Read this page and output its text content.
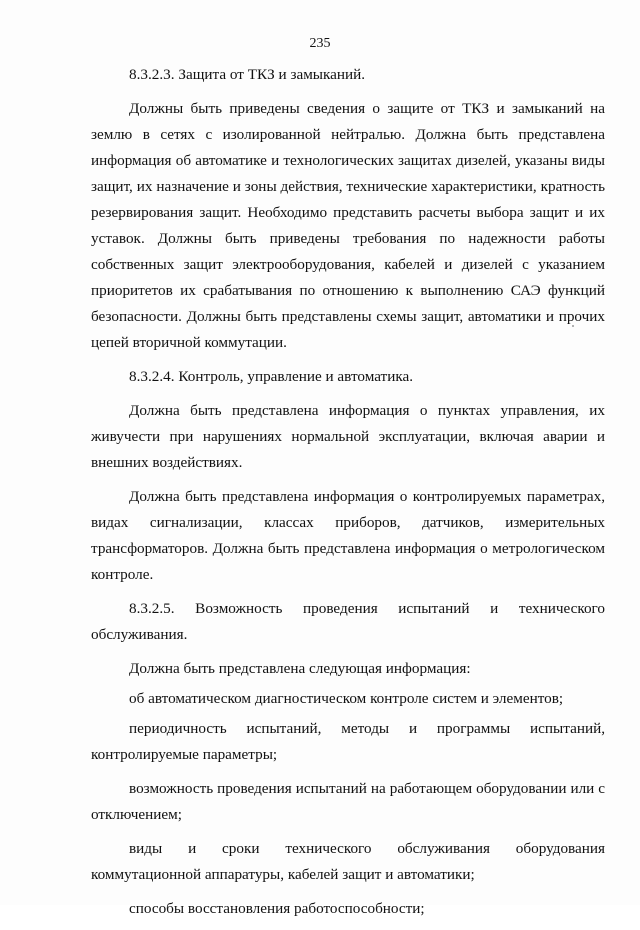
235

8.3.2.3. Защита от ТКЗ и замыканий.

Должны быть приведены сведения о защите от ТКЗ и замыканий на землю в сетях с изолированной нейтралью. Должна быть представлена информация об автоматике и технологических защитах дизелей, указаны виды защит, их назначение и зоны действия, технические характеристики, кратность резервирования защит. Необходимо представить расчеты выбора защит и их уставок. Должны быть приведены требования по надежности работы собственных защит электрооборудования, кабелей и дизелей с указанием приоритетов их срабатывания по отношению к выполнению САЭ функций безопасности. Должны быть представлены схемы защит, автоматики и прочих цепей вторичной коммутации.

8.3.2.4. Контроль, управление и автоматика.

Должна быть представлена информация о пунктах управления, их живучести при нарушениях нормальной эксплуатации, включая аварии и внешних воздействиях.

Должна быть представлена информация о контролируемых параметрах, видах сигнализации, классах приборов, датчиков, измерительных трансформаторов. Должна быть представлена информация о метрологическом контроле.

8.3.2.5. Возможность проведения испытаний и технического обслуживания.

Должна быть представлена следующая информация:

об автоматическом диагностическом контроле систем и элементов;

периодичность испытаний, методы и программы испытаний, контролируемые параметры;

возможность проведения испытаний на работающем оборудовании или с отключением;

виды и сроки технического обслуживания оборудования коммутационной аппаратуры, кабелей защит и автоматики;

способы восстановления работоспособности;
